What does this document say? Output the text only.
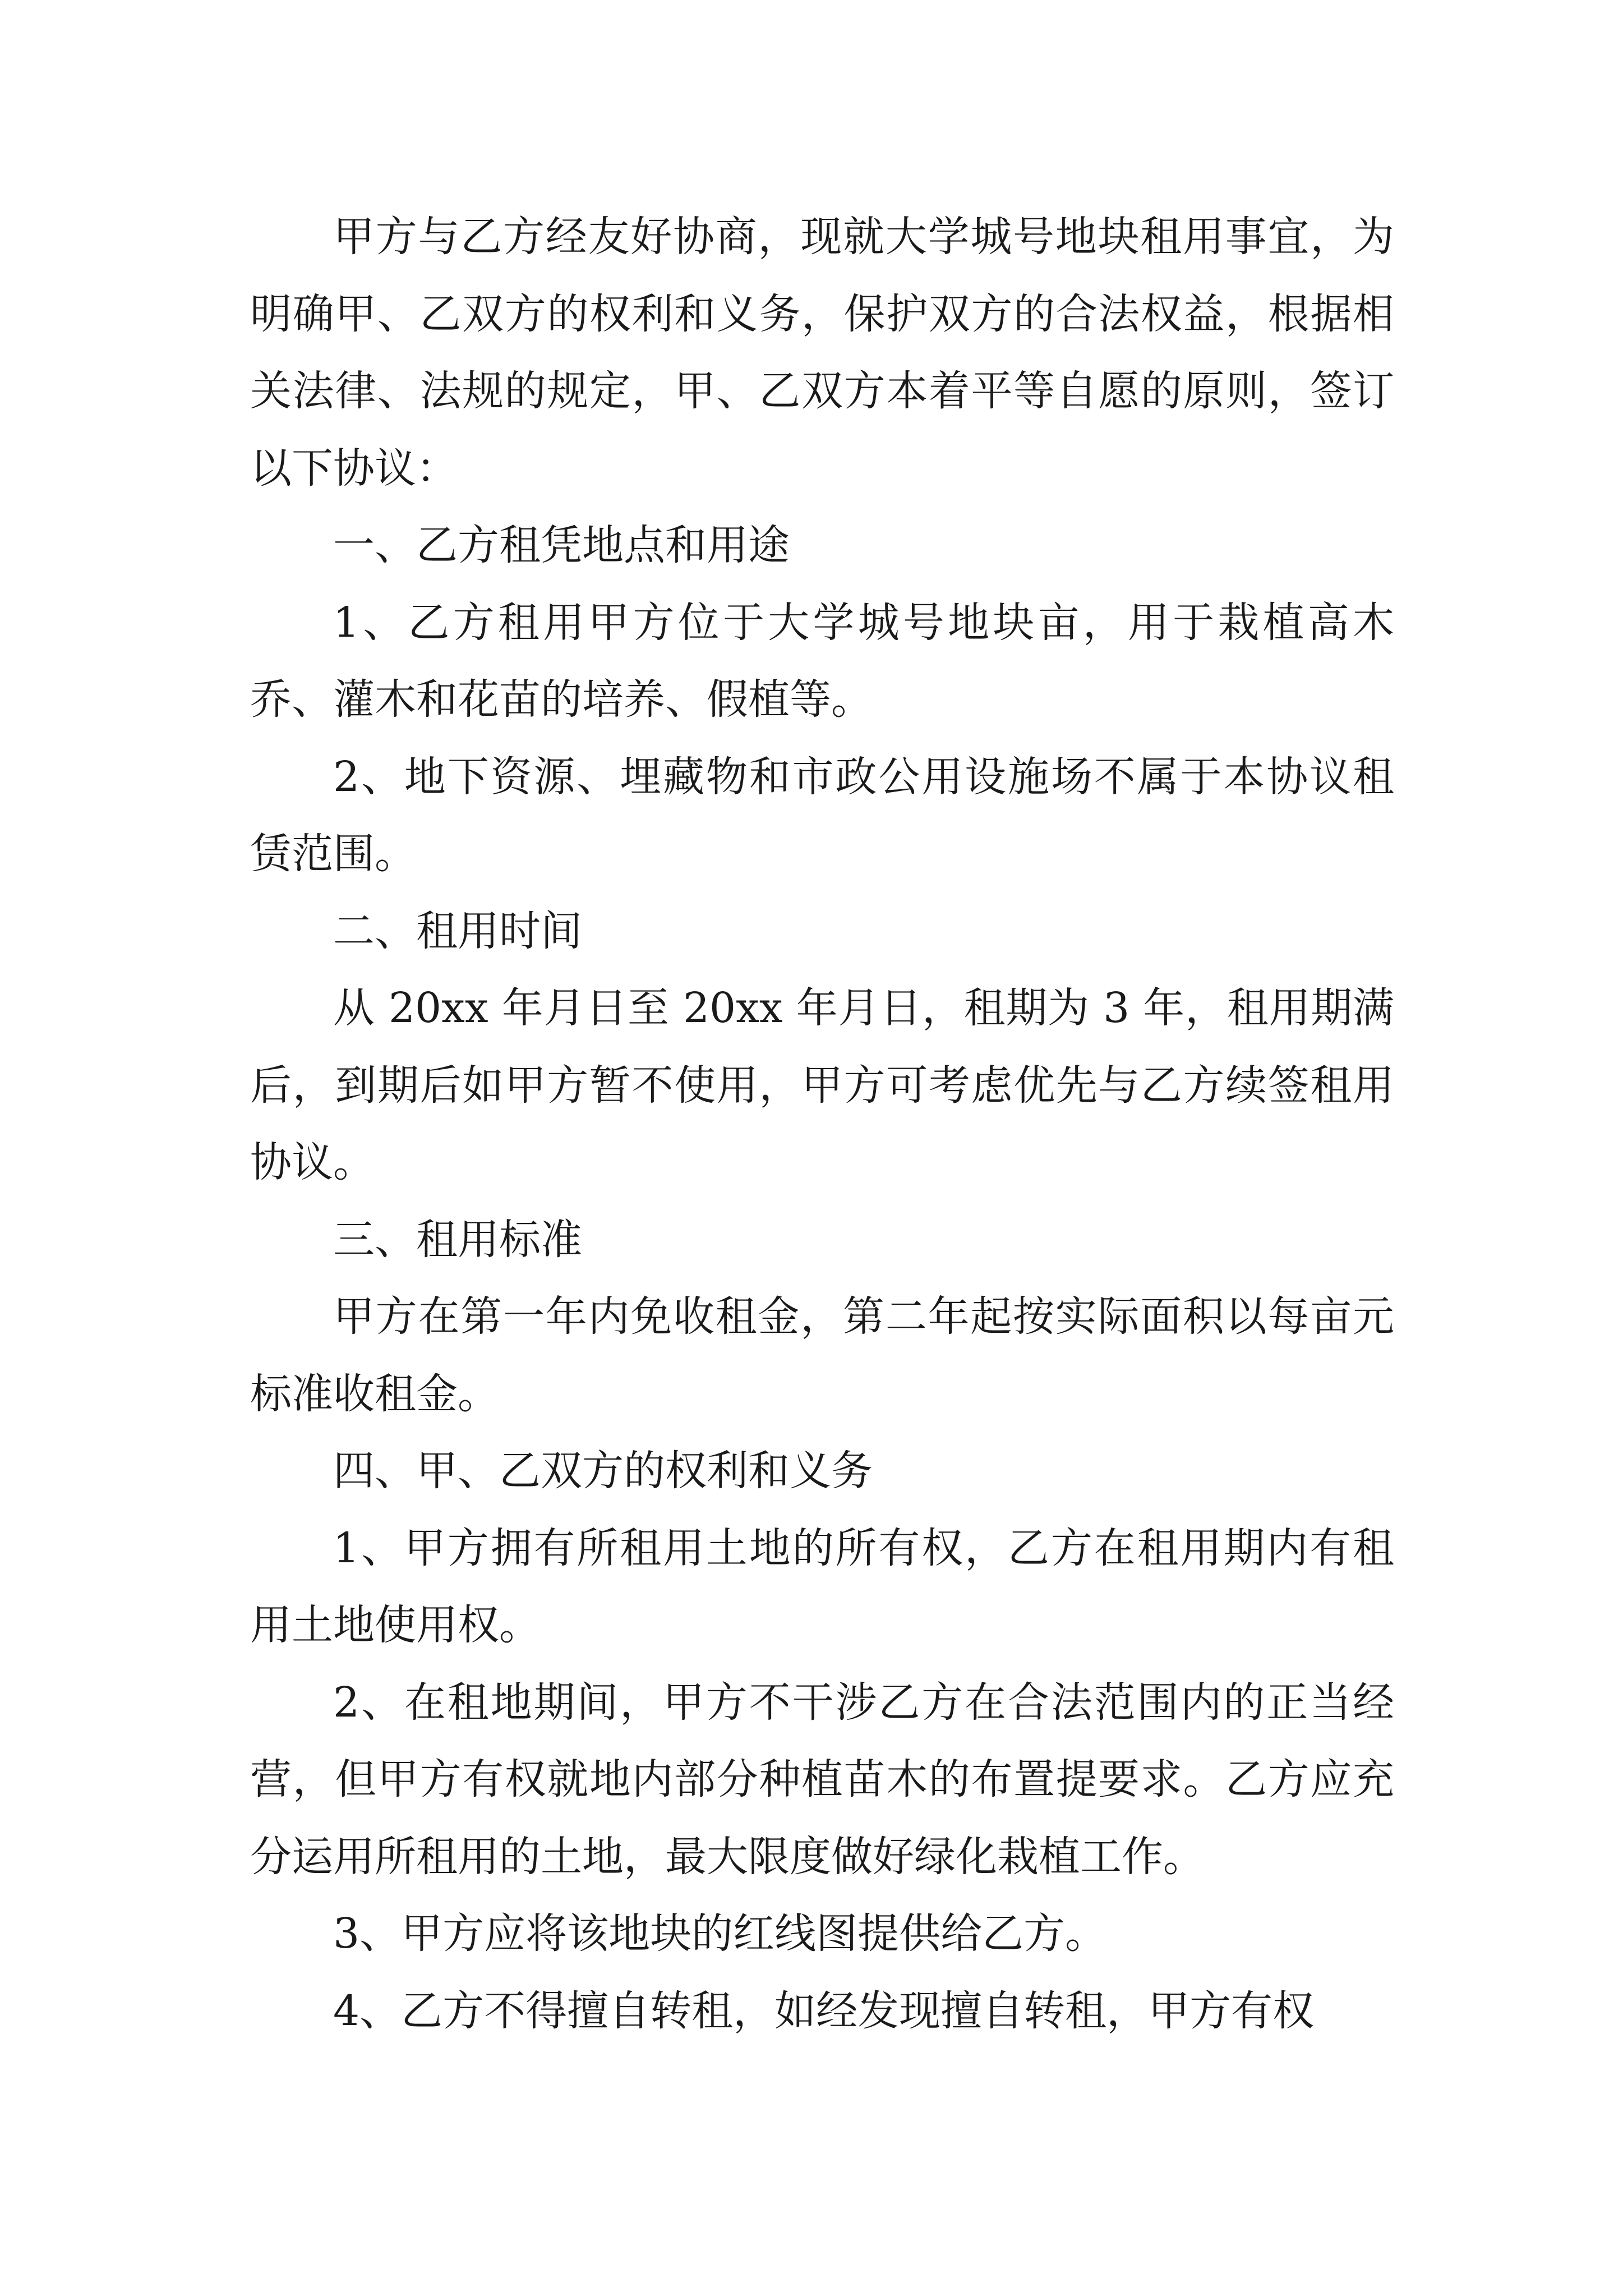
甲方与乙方经友好协商，现就大学城号地块租用事宜，为明确甲、乙双方的权利和义务，保护双方的合法权益，根据相关法律、法规的规定，甲、乙双方本着平等自愿的原则，签订以下协议：

一、乙方租凭地点和用途

1、乙方租用甲方位于大学城号地块亩，用于栽植高木乔、灌木和花苗的培养、假植等。

2、地下资源、埋藏物和市政公用设施场不属于本协议租赁范围。

二、租用时间

从 20xx 年月日至 20xx 年月日，租期为 3 年，租用期满后，到期后如甲方暂不使用，甲方可考虑优先与乙方续签租用协议。

三、租用标准

甲方在第一年内免收租金，第二年起按实际面积以每亩元标准收租金。

四、甲、乙双方的权利和义务

1、甲方拥有所租用土地的所有权，乙方在租用期内有租用土地使用权。

2、在租地期间，甲方不干涉乙方在合法范围内的正当经营，但甲方有权就地内部分种植苗木的布置提要求。乙方应充分运用所租用的土地，最大限度做好绿化栽植工作。

3、甲方应将该地块的红线图提供给乙方。

4、乙方不得擅自转租，如经发现擅自转租，甲方有权
